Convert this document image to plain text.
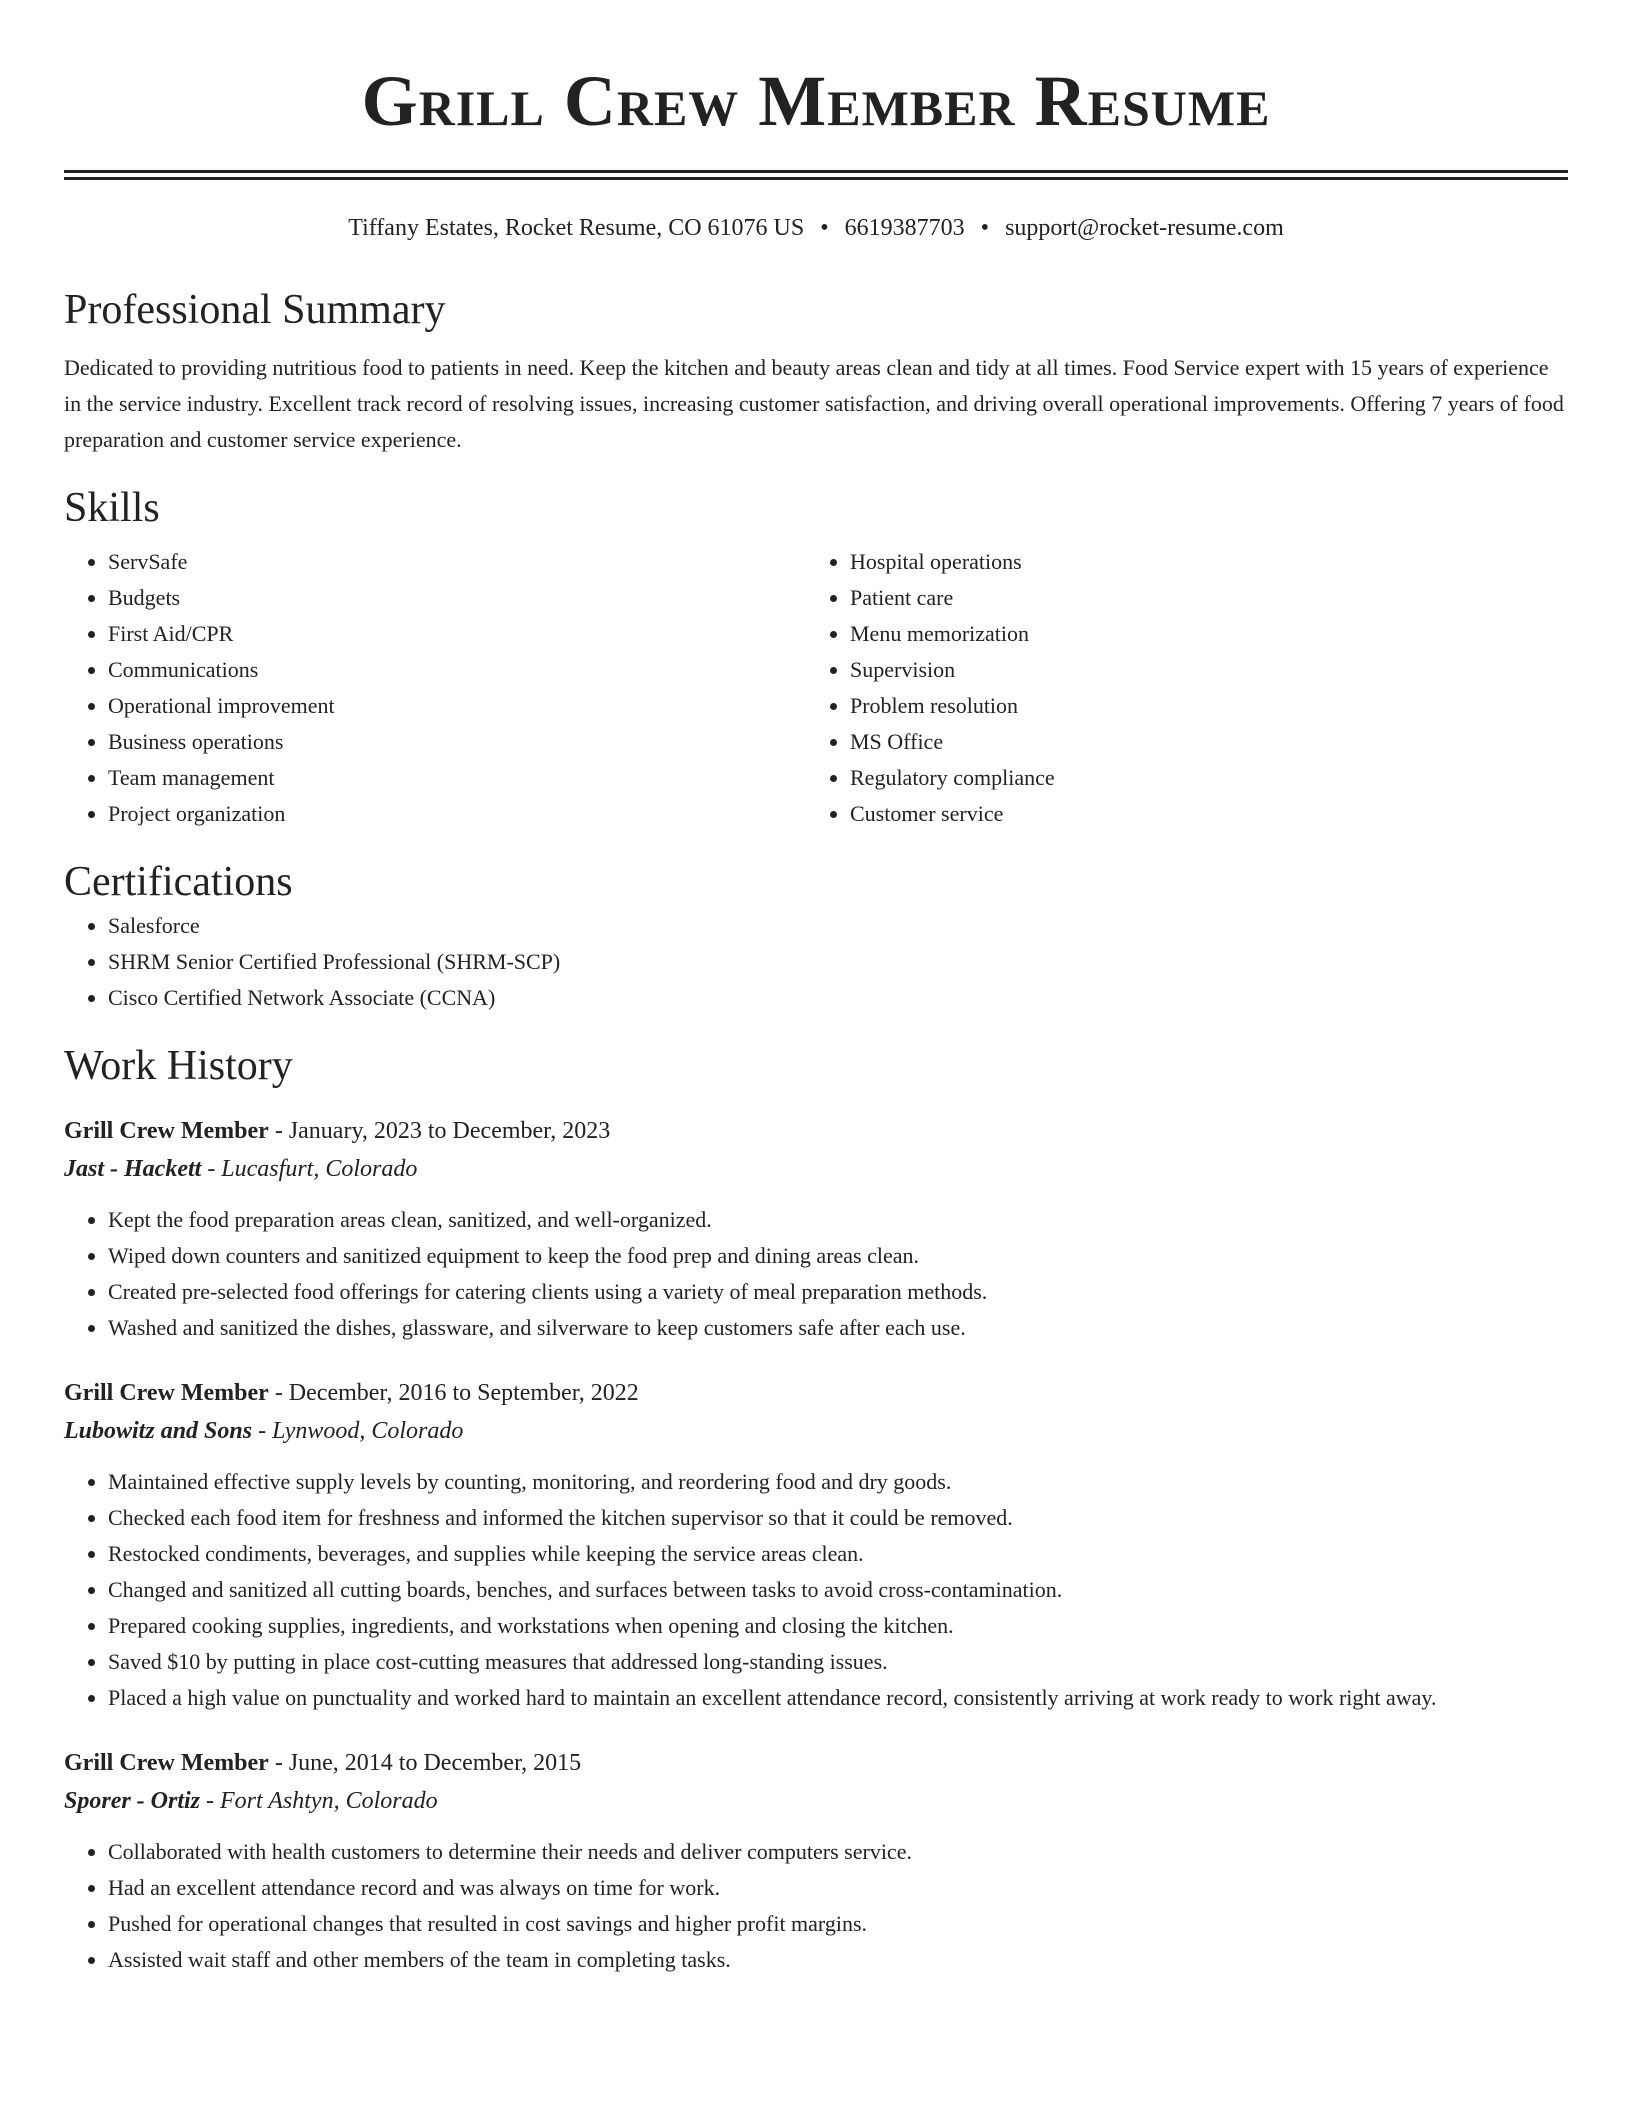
Grill Crew Member Resume
Tiffany Estates, Rocket Resume, CO 61076 US • 6619387703 • support@rocket-resume.com
Professional Summary

Dedicated to providing nutritious food to patients in need. Keep the kitchen and beauty areas clean and tidy at all times. Food Service expert with 15 years of experience in the service industry. Excellent track record of resolving issues, increasing customer satisfaction, and driving overall operational improvements. Offering 7 years of food preparation and customer service experience.

Skills
• ServSafe
• Budgets
• First Aid/CPR
• Communications
• Operational improvement
• Business operations
• Team management
• Project organization
• Hospital operations
• Patient care
• Menu memorization
• Supervision
• Problem resolution
• MS Office
• Regulatory compliance
• Customer service
Certifications
• Salesforce
• SHRM Senior Certified Professional (SHRM-SCP)
• Cisco Certified Network Associate (CCNA)
Work History
Grill Crew Member - January, 2023 to December, 2023
Jast - Hackett - Lucasfurt, Colorado
• Kept the food preparation areas clean, sanitized, and well-organized.
• Wiped down counters and sanitized equipment to keep the food prep and dining areas clean.
• Created pre-selected food offerings for catering clients using a variety of meal preparation methods.
• Washed and sanitized the dishes, glassware, and silverware to keep customers safe after each use.
Grill Crew Member - December, 2016 to September, 2022
Lubowitz and Sons - Lynwood, Colorado
• Maintained effective supply levels by counting, monitoring, and reordering food and dry goods.
• Checked each food item for freshness and informed the kitchen supervisor so that it could be removed.
• Restocked condiments, beverages, and supplies while keeping the service areas clean.
• Changed and sanitized all cutting boards, benches, and surfaces between tasks to avoid cross-contamination.
• Prepared cooking supplies, ingredients, and workstations when opening and closing the kitchen.
• Saved $10 by putting in place cost-cutting measures that addressed long-standing issues.
• Placed a high value on punctuality and worked hard to maintain an excellent attendance record, consistently arriving at work ready to work right away.
Grill Crew Member - June, 2014 to December, 2015
Sporer - Ortiz - Fort Ashtyn, Colorado
• Collaborated with health customers to determine their needs and deliver computers service.
• Had an excellent attendance record and was always on time for work.
• Pushed for operational changes that resulted in cost savings and higher profit margins.
• Assisted wait staff and other members of the team in completing tasks.
